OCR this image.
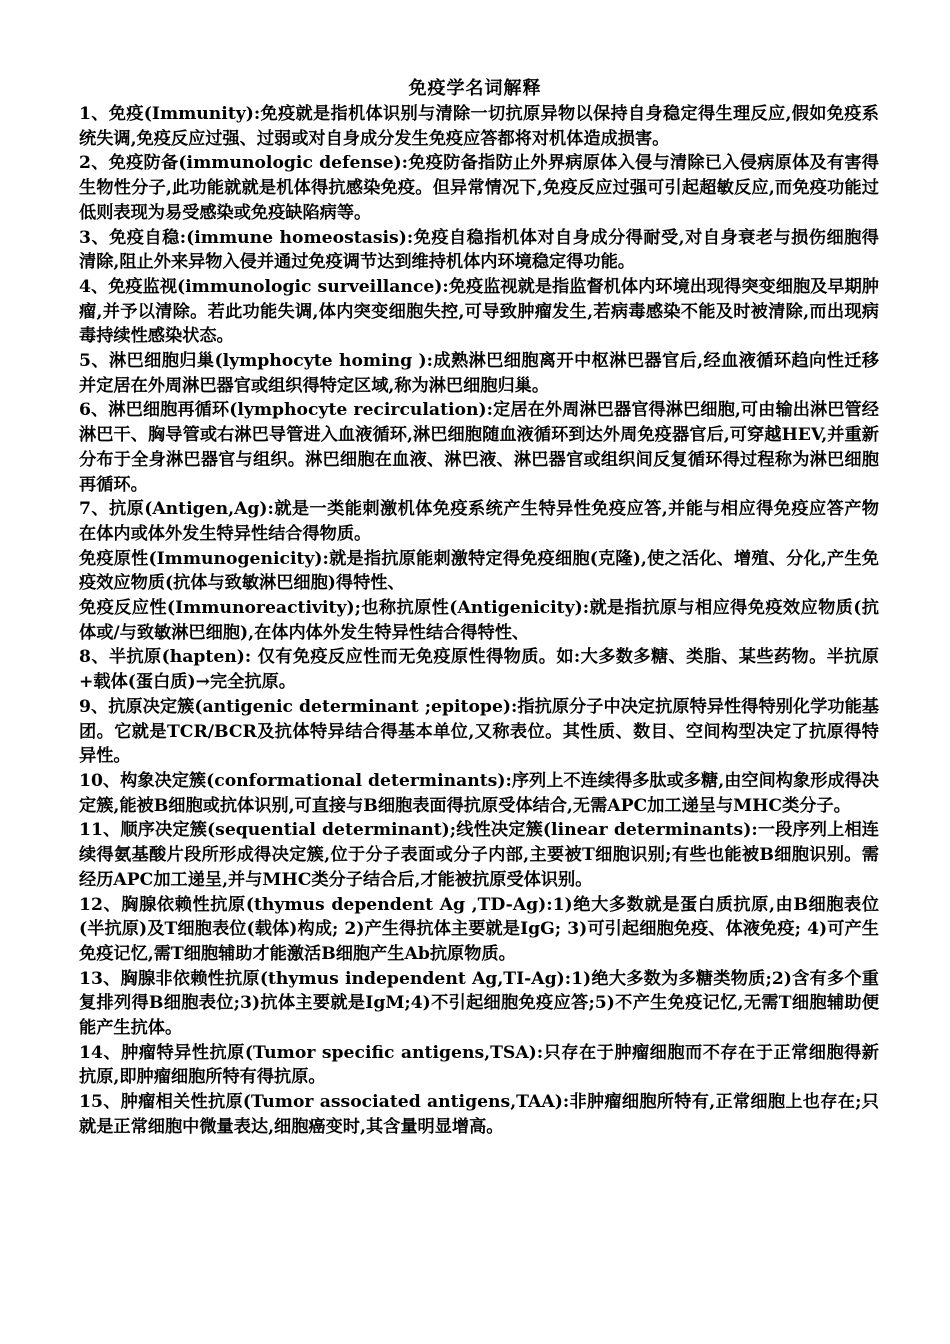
免疫学名词解释

1、免疫(Immunity):免疫就是指机体识别与清除一切抗原异物以保持自身稳定得生理反应,假如免疫系统失调,免疫反应过强、过弱或对自身成分发生免疫应答都将对机体造成损害。

2、免疫防备(immunologic defense):免疫防备指防止外界病原体入侵与清除已入侵病原体及有害得生物性分子,此功能就就是机体得抗感染免疫。但异常情况下,免疫反应过强可引起超敏反应,而免疫功能过低则表现为易受感染或免疫缺陷病等。

3、免疫自稳:(immune homeostasis):免疫自稳指机体对自身成分得耐受,对自身衰老与损伤细胞得清除,阻止外来异物入侵并通过免疫调节达到维持机体内环境稳定得功能。

4、免疫监视(immunologic surveillance):免疫监视就是指监督机体内环境出现得突变细胞及早期肿瘤,并予以清除。若此功能失调,体内突变细胞失控,可导致肿瘤发生,若病毒感染不能及时被清除,而出现病毒持续性感染状态。

5、淋巴细胞归巢(lymphocyte homing ):成熟淋巴细胞离开中枢淋巴器官后,经血液循环趋向性迁移并定居在外周淋巴器官或组织得特定区域,称为淋巴细胞归巢。

6、淋巴细胞再循环(lymphocyte recirculation):定居在外周淋巴器官得淋巴细胞,可由输出淋巴管经淋巴干、胸导管或右淋巴导管进入血液循环,淋巴细胞随血液循环到达外周免疫器官后,可穿越HEV,并重新分布于全身淋巴器官与组织。淋巴细胞在血液、淋巴液、淋巴器官或组织间反复循环得过程称为淋巴细胞再循环。

7、抗原(Antigen,Ag):就是一类能刺激机体免疫系统产生特异性免疫应答,并能与相应得免疫应答产物在体内或体外发生特异性结合得物质。

免疫原性(Immunogenicity):就是指抗原能刺激特定得免疫细胞(克隆),使之活化、增殖、分化,产生免疫效应物质(抗体与致敏淋巴细胞)得特性、

免疫反应性(Immunoreactivity);也称抗原性(Antigenicity):就是指抗原与相应得免疫效应物质(抗体或/与致敏淋巴细胞),在体内体外发生特异性结合得特性、

8、半抗原(hapten): 仅有免疫反应性而无免疫原性得物质。如:大多数多糖、类脂、某些药物。半抗原+载体(蛋白质)→完全抗原。

9、抗原决定簇(antigenic determinant ;epitope):指抗原分子中决定抗原特异性得特别化学功能基团。它就是TCR/BCR及抗体特异结合得基本单位,又称表位。其性质、数目、空间构型决定了抗原得特异性。

10、构象决定簇(conformational determinants):序列上不连续得多肽或多糖,由空间构象形成得决定簇,能被B细胞或抗体识别,可直接与B细胞表面得抗原受体结合,无需APC加工递呈与MHC类分子。

11、顺序决定簇(sequential determinant);线性决定簇(linear determinants):一段序列上相连续得氨基酸片段所形成得决定簇,位于分子表面或分子内部,主要被T细胞识别;有些也能被B细胞识别。需经历APC加工递呈,并与MHC类分子结合后,才能被抗原受体识别。

12、胸腺依赖性抗原(thymus dependent Ag ,TD-Ag):1)绝大多数就是蛋白质抗原,由B细胞表位(半抗原)及T细胞表位(载体)构成; 2)产生得抗体主要就是IgG; 3)可引起细胞免疫、体液免疫; 4)可产生免疫记忆,需T细胞辅助才能激活B细胞产生Ab抗原物质。

13、胸腺非依赖性抗原(thymus independent Ag,TI-Ag):1)绝大多数为多糖类物质;2)含有多个重复排列得B细胞表位;3)抗体主要就是IgM;4)不引起细胞免疫应答;5)不产生免疫记忆,无需T细胞辅助便能产生抗体。

14、肿瘤特异性抗原(Tumor specific antigens,TSA):只存在于肿瘤细胞而不存在于正常细胞得新抗原,即肿瘤细胞所特有得抗原。

15、肿瘤相关性抗原(Tumor associated antigens,TAA):非肿瘤细胞所特有,正常细胞上也存在;只就是正常细胞中微量表达,细胞癌变时,其含量明显增高。
